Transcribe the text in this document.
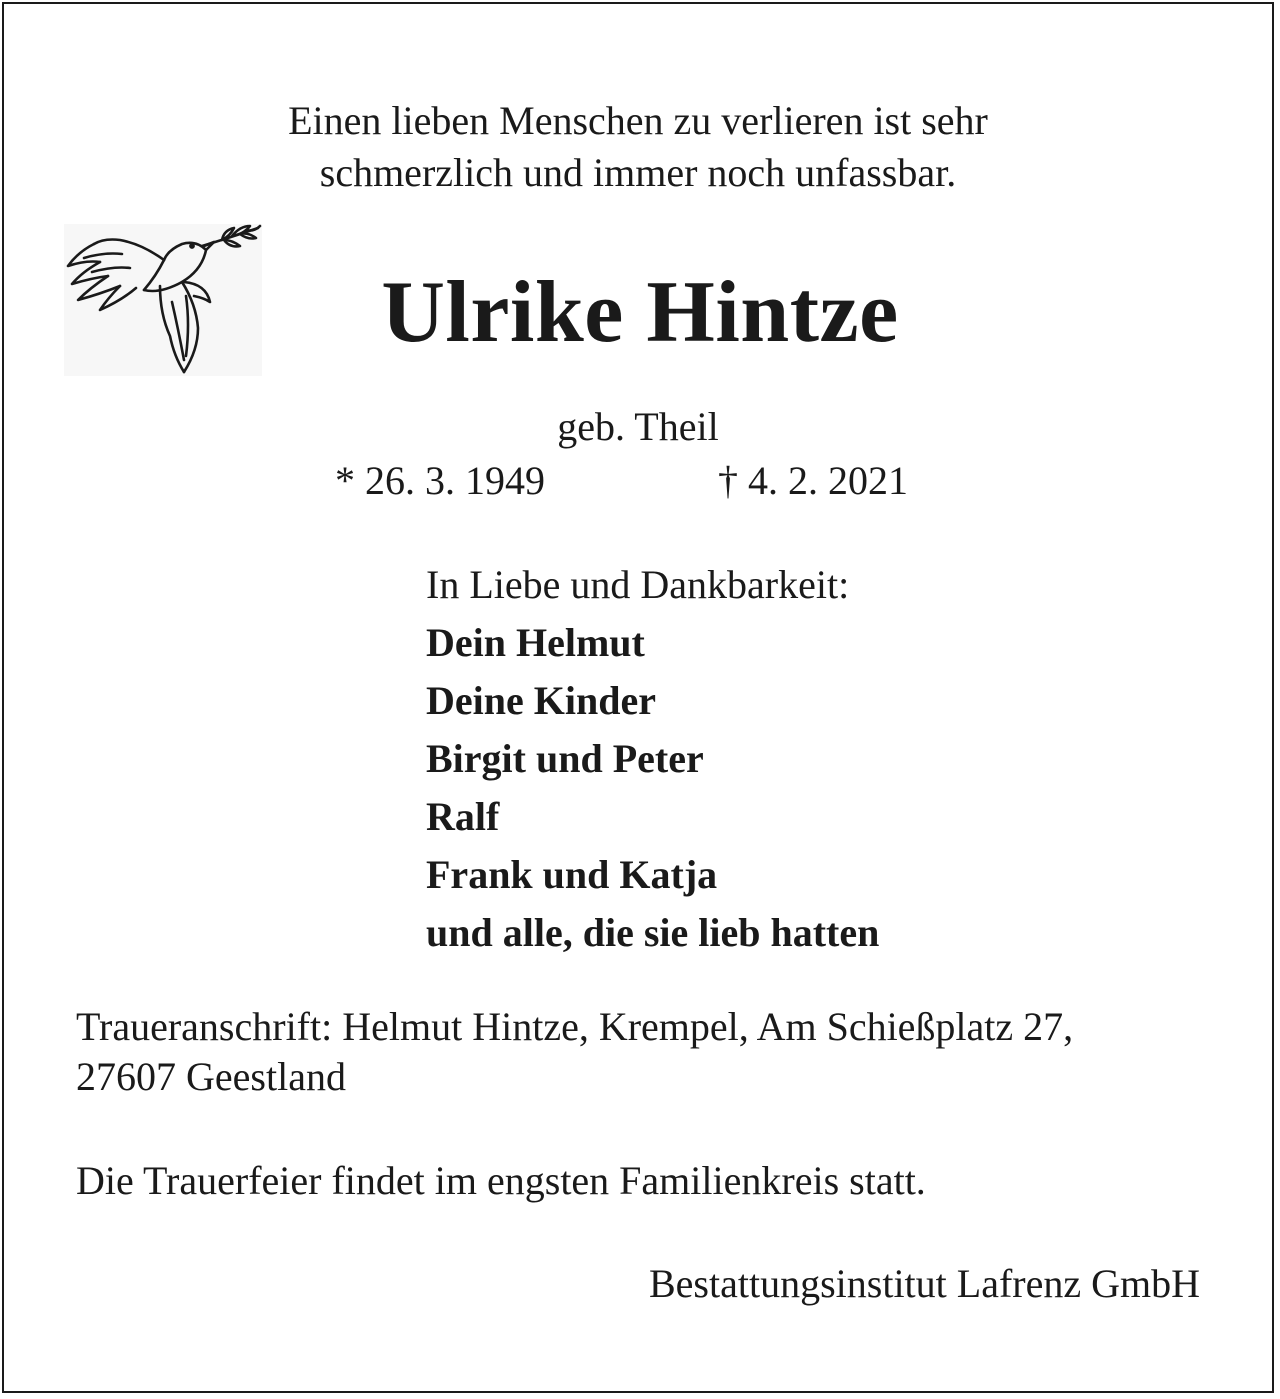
Einen lieben Menschen zu verlieren ist sehr

schmerzlich und immer noch unfassbar.

Ulrike Hintze

geb. Theil

* 26. 3. 1949	† 4. 2. 2021

In Liebe und Dankbarkeit:
Dein Helmut
Deine Kinder
Birgit und Peter
Ralf
Frank und Katja
und alle, die sie lieb hatten

Traueranschrift: Helmut Hintze, Krempel, Am Schießplatz 27,

27607 Geestland

Die Trauerfeier findet im engsten Familienkreis statt.

Bestattungsinstitut Lafrenz GmbH
